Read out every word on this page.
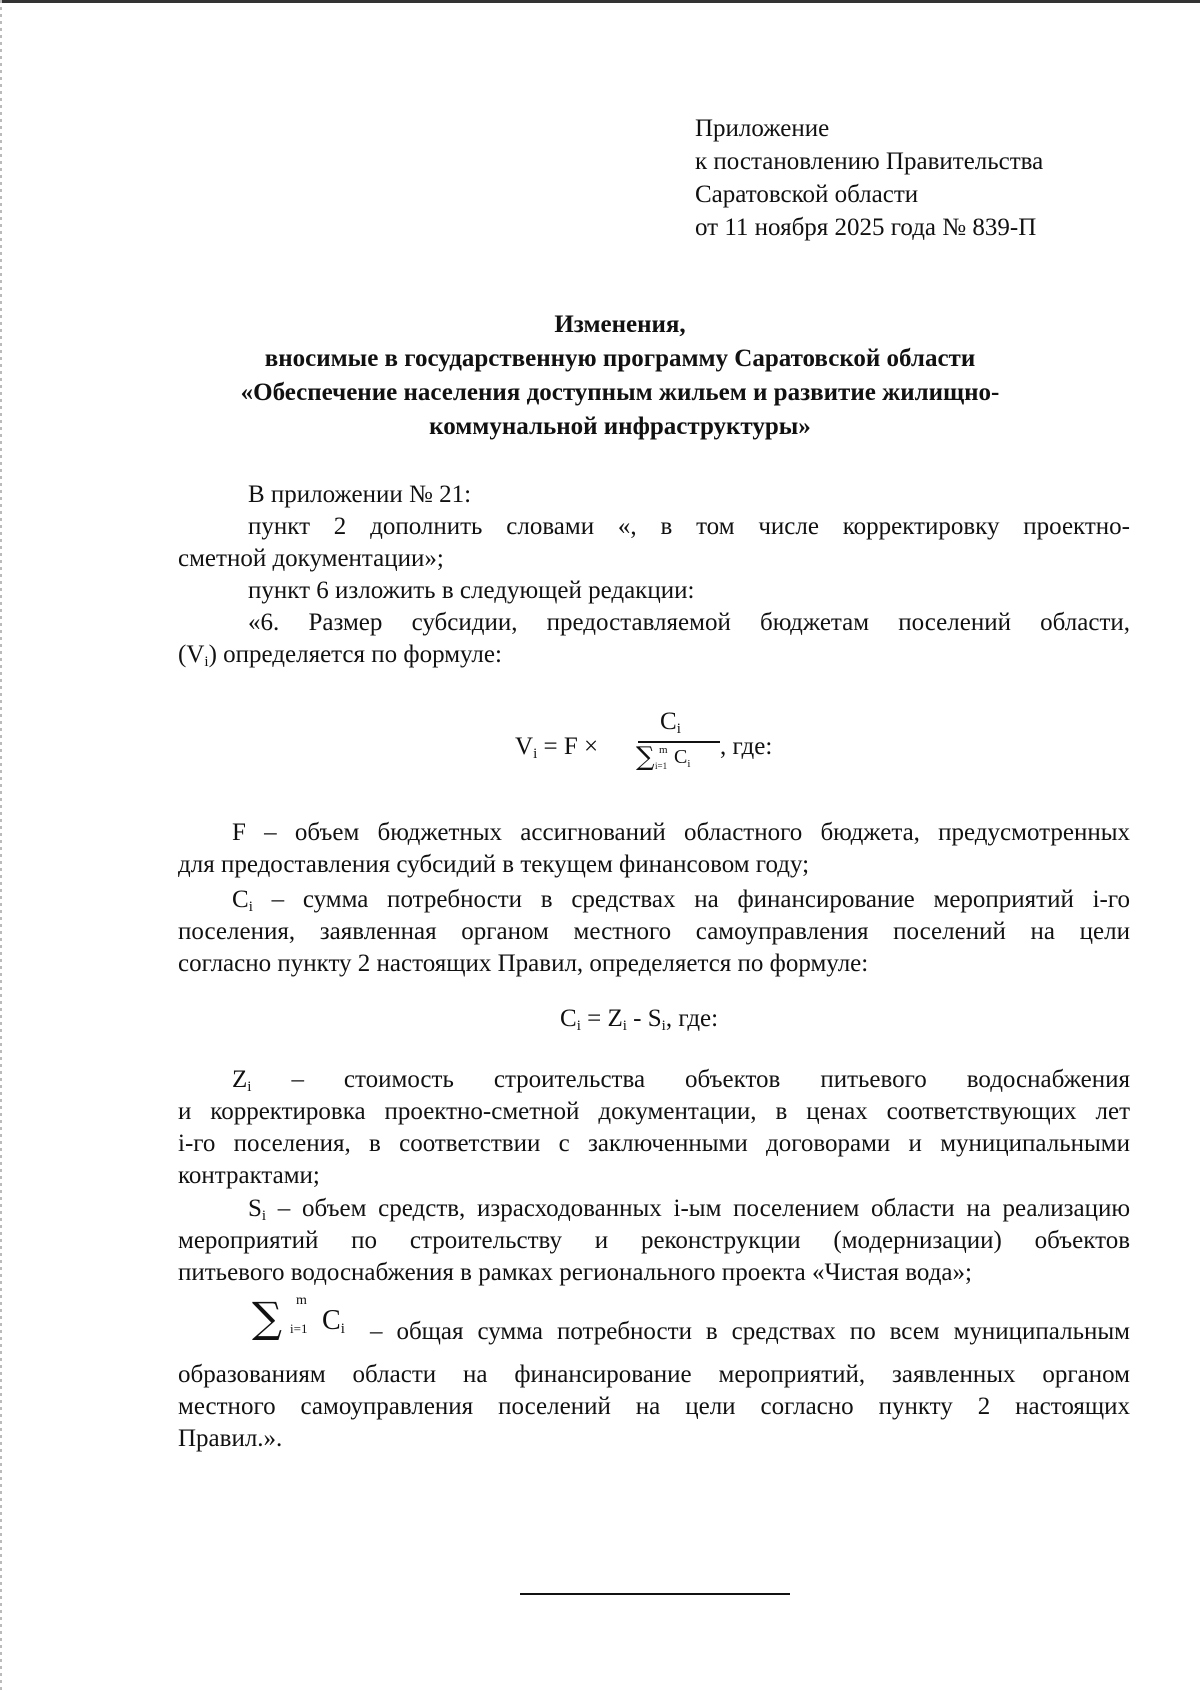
Приложение
к постановлению Правительства
Саратовской области
от 11 ноября 2025 года № 839-П
Изменения,
вносимые в государственную программу Саратовской области
«Обеспечение населения доступным жильем и развитие жилищно-
коммунальной инфраструктуры»
В приложении № 21:
пункт 2 дополнить словами «, в том числе корректировку проектно-
сметной документации»;
пункт 6 изложить в следующей редакции:
«6. Размер субсидии, предоставляемой бюджетам поселений области,
$(V_i)$ определяется по формуле:
$V_i = F$ ×
$C_i$
∑ m
i=1 $C_i$
, где:
F – объем бюджетных ассигнований областного бюджета, предусмотренных
для предоставления субсидий в текущем финансовом году;
$C_i$ – сумма потребности в средствах на финансирование мероприятий i-го
поселения, заявленная органом местного самоуправления поселений на цели
согласно пункту 2 настоящих Правил, определяется по формуле:
$C_i = Z_i - S_i$, где:
$Z_i$ – стоимость строительства объектов питьевого водоснабжения
и корректировка проектно-сметной документации, в ценах соответствующих лет
i-го поселения, в соответствии с заключенными договорами и муниципальными
контрактами;
$S_i$ – объем средств, израсходованных i-ым поселением области на реализацию
мероприятий по строительству и реконструкции (модернизации) объектов
питьевого водоснабжения в рамках регионального проекта «Чистая вода»;
∑ m
i=1 $C_i$ – общая сумма потребности в средствах по всем муниципальным
образованиям области на финансирование мероприятий, заявленных органом
местного самоуправления поселений на цели согласно пункту 2 настоящих
Правил.».
